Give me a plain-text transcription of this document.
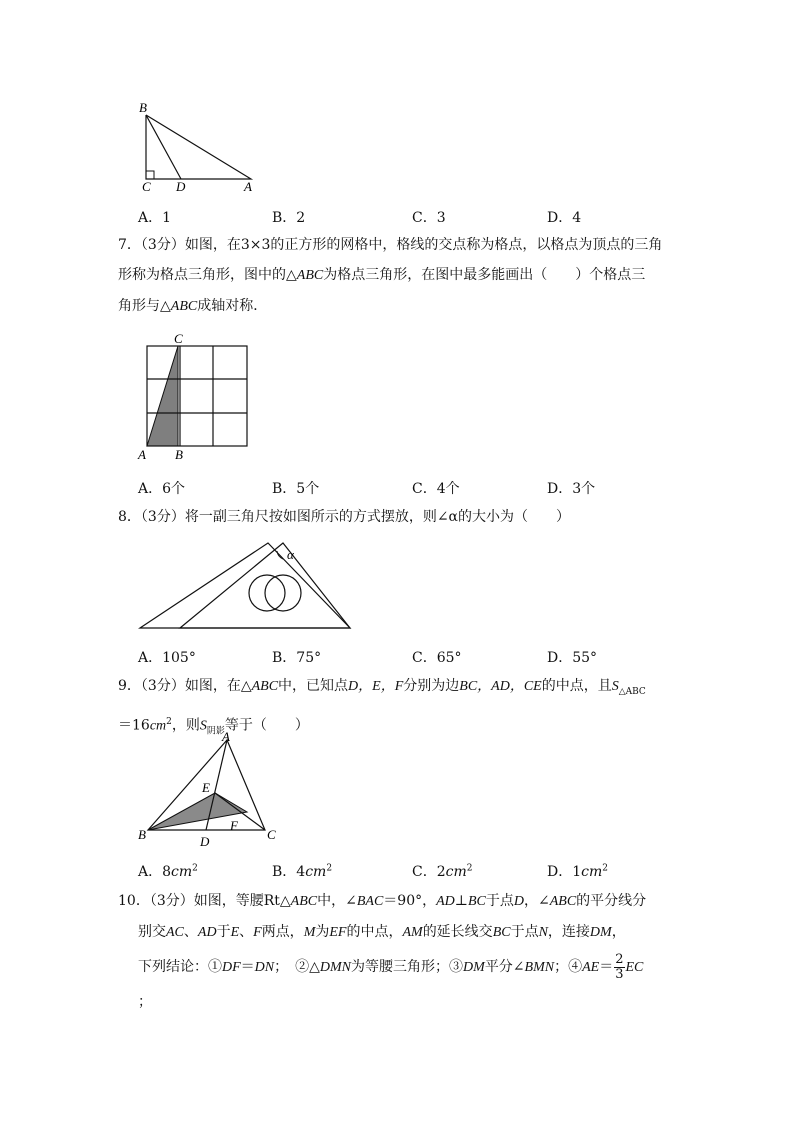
B
C D	A
A．1	B．2	C．3	D．4
7．（3分）如图，在3×3的正方形的网格中，格线的交点称为格点，以格点为顶点的三角
形称为格点三角形，图中的△ABC为格点三角形，在图中最多能画出（　　）个格点三
角形与△ABC成轴对称．
C
A B
A．6个	B．5个	C．4个	D．3个
8．（3分）将一副三角尺按如图所示的方式摆放，则∠α的大小为（　　）
α
A．105°	B．75°	C．65°	D．55°
9．（3分）如图，在△ABC中，已知点D，E，F分别为边BC，AD，CE的中点，且$S_{\triangle ABC}$
$=16cm^2$，则$S_{阴影}$等于（　　）
A
E
F
B	D	C
A．$8cm^2$	B．$4cm^2$	C．$2cm^2$	D．$1cm^2$
10．（3分）如图，等腰Rt△ABC中，∠BAC＝90°，AD⊥BC于点D，∠ABC的平分线分
别交AC、AD于E、F两点，M为EF的中点，AM的延长线交BC于点N，连接DM，
下列结论：①DF＝DN；　②△DMN为等腰三角形；③DM平分∠BMN；④AE＝ $\frac{2}{3}$ EC
；
